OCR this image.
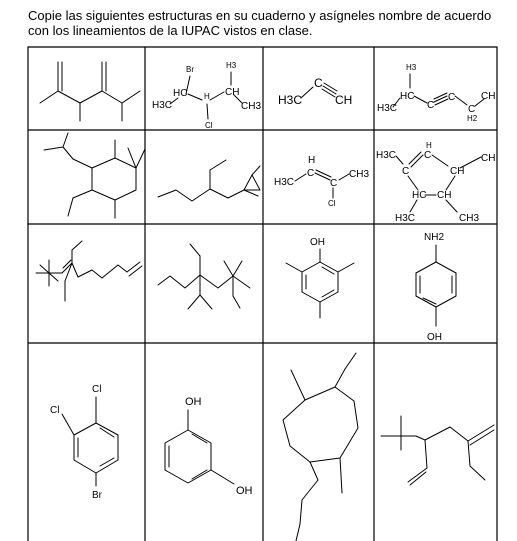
Copie las siguientes estructuras en su cuaderno y asígneles nombre de acuerdo con los lineamientos de la IUPAC vistos en clase.

Br	H3
H3C
HC H CH
CH3
Cl
H3C
C
CH
H3
H3C
HC
C
C
C
H2
CH
H3C
H
C
C
CH3
Cl
H3C
H
C
C	CH
CH
HC CH
H3C	CH3
OH	NH2
OH
Cl
Cl
Br
OH
OH
